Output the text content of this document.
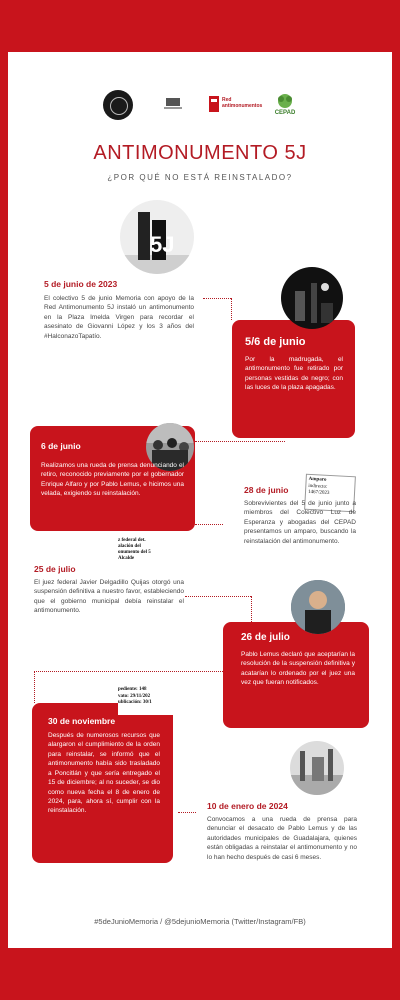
Red antimonumentos
CEPAD
ANTIMONUMENTO 5J
¿POR QUÉ NO ESTÁ REINSTALADO?
5J
5 de junio de 2023
El colectivo 5 de junio Memoria con apoyo de la Red Antimonumento 5J instaló un antimonumento en la Plaza Imelda Virgen para recordar el asesinato de Giovanni López y los 3 años del #HalconazoTapatío.	5/6 de junio
Por la madrugada, el antimonumento fue retirado por personas vestidas de negro; con las luces de la plaza apagadas.
6 de junio
Realizamos una rueda de prensa denunciando el retiro, reconocido previamente por el gobernador Enrique Alfaro y por Pablo Lemus, e hicimos una velada, exigiendo su reinstalación.
Amparo
indirecto:
1467/2023
28 de junio
Sobrevivientes del 5 de junio junto a miembros del Colectivo Luz de Esperanza y abogadas del CEPAD presentamos un amparo, buscando la reinstalación del antimonumento.
z federal det.
alación del
onumento del 5
Alcalde
25 de julio
El juez federal Javier Delgadillo Quijas otorgó una suspensión definitiva a nuestro favor, estableciendo que el gobierno municipal debía reinstalar el antimonumento.
26 de julio
Pablo Lemus declaró que aceptarían la resolución de la suspensión definitiva y acatarían lo ordenado por el juez una vez que fueran notificados.
pediente: 148
vato: 29/11/202
ublicación: 30/1
30 de noviembre
Después de numerosos recursos que alargaron el cumplimiento de la orden para reinstalar, se informó que el antimonumento había sido trasladado a Poncitlán y que sería entregado el 15 de diciembre; al no suceder, se dio como nueva fecha el 8 de enero de 2024, para, ahora sí, cumplir con la reinstalación.	10 de enero de 2024
Convocamos a una rueda de prensa para denunciar el desacato de Pablo Lemus y de las autoridades municipales de Guadalajara, quienes están obligadas a reinstalar el antimonumento y no lo han hecho después de casi 6 meses.
#5deJunioMemoria / @5dejunioMemoria (Twitter/Instagram/FB)
